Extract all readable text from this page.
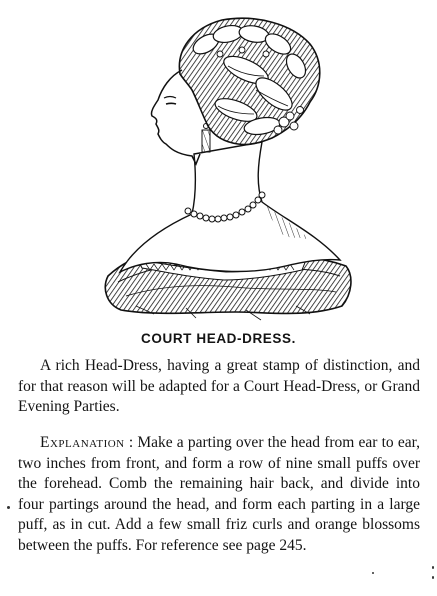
COURT HEAD-DRESS.

A rich Head-Dress, having a great stamp of distinction, and for that reason will be adapted for a Court Head-Dress, or Grand Evening Parties.

Explanation : Make a parting over the head from ear to ear, two inches from front, and form a row of nine small puffs over the forehead. Comb the remaining hair back, and divide into four partings around the head, and form each parting in a large puff, as in cut. Add a few small friz curls and orange blossoms between the puffs. For reference see page 245.
